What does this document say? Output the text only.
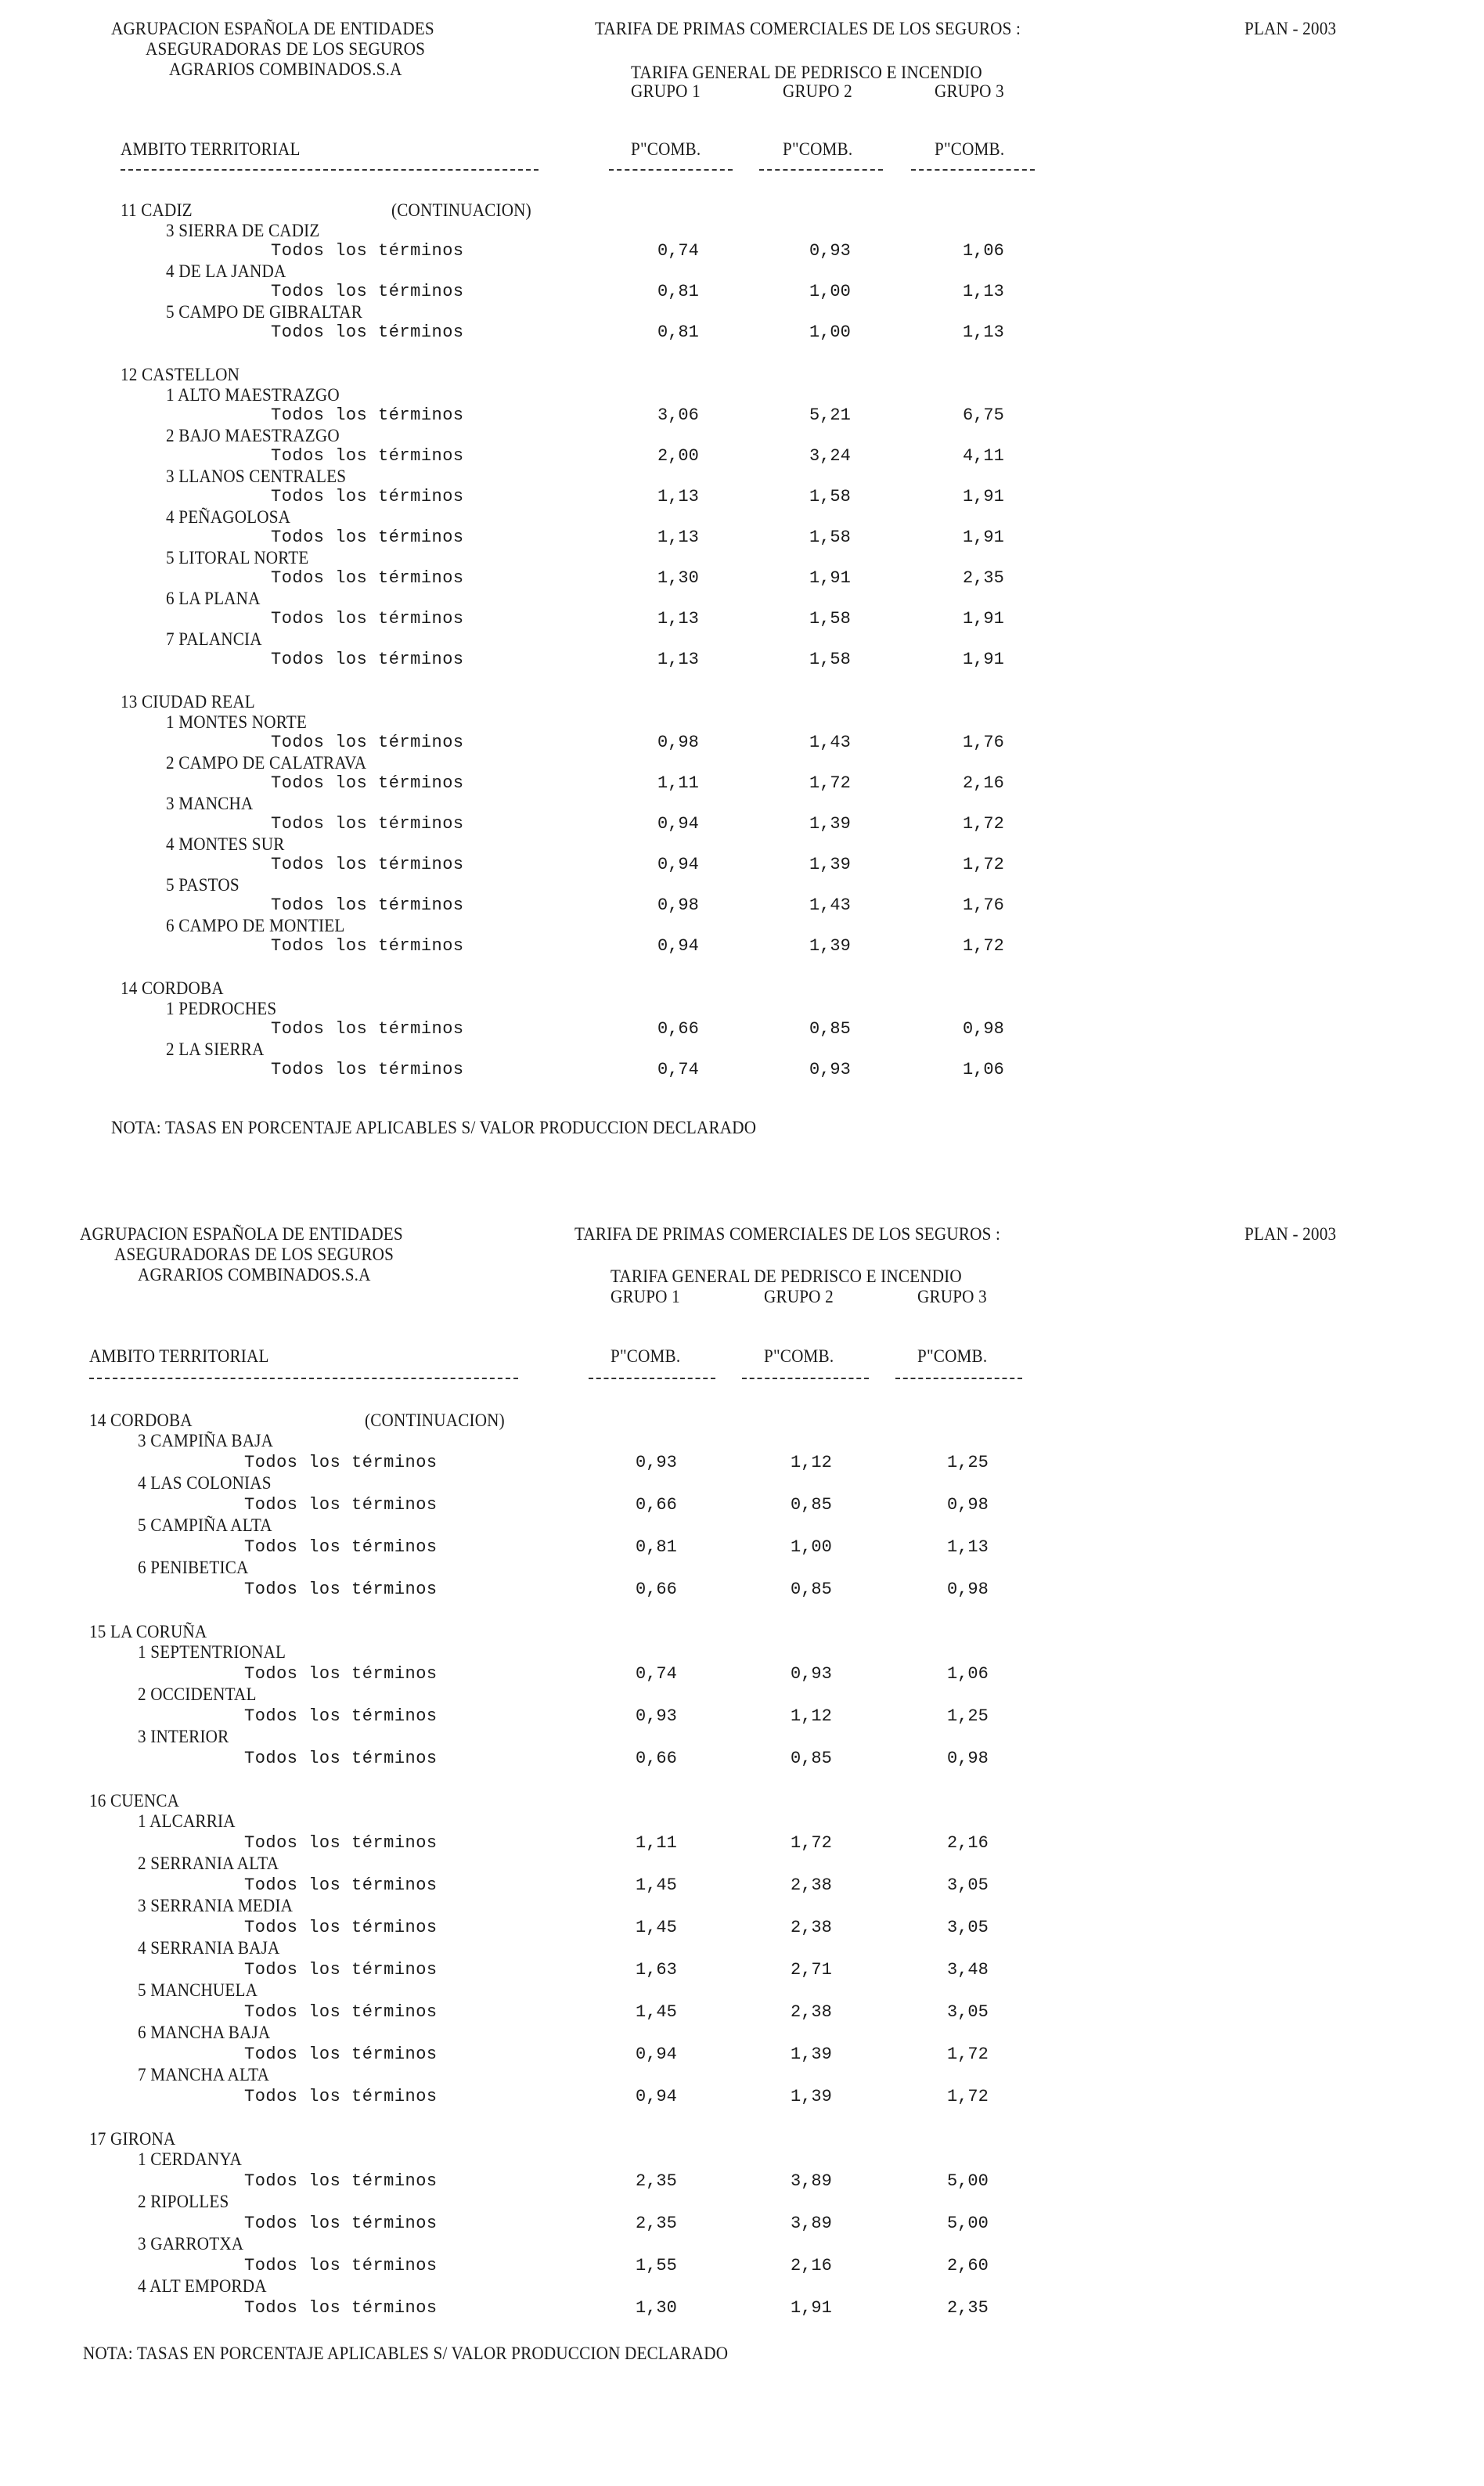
AGRUPACION ESPAÑOLA DE ENTIDADES
ASEGURADORAS DE LOS SEGUROS
AGRARIOS COMBINADOS.S.A
TARIFA DE PRIMAS COMERCIALES DE LOS SEGUROS :	PLAN - 2003
TARIFA GENERAL DE PEDRISCO E INCENDIO
GRUPO 1	GRUPO 2	GRUPO 3
AMBITO TERRITORIAL	P"COMB.	P"COMB.	P"COMB.
11 CADIZ	(CONTINUACION)
3 SIERRA DE CADIZ
Todos los términos	0,74	0,93	1,06
4 DE LA JANDA
Todos los términos	0,81	1,00	1,13
5 CAMPO DE GIBRALTAR
Todos los términos	0,81	1,00	1,13
12 CASTELLON
1 ALTO MAESTRAZGO
Todos los términos	3,06	5,21	6,75
2 BAJO MAESTRAZGO
Todos los términos	2,00	3,24	4,11
3 LLANOS CENTRALES
Todos los términos	1,13	1,58	1,91
4 PEÑAGOLOSA
Todos los términos	1,13	1,58	1,91
5 LITORAL NORTE
Todos los términos	1,30	1,91	2,35
6 LA PLANA
Todos los términos	1,13	1,58	1,91
7 PALANCIA
Todos los términos	1,13	1,58	1,91
13 CIUDAD REAL
1 MONTES NORTE
Todos los términos	0,98	1,43	1,76
2 CAMPO DE CALATRAVA
Todos los términos	1,11	1,72	2,16
3 MANCHA
Todos los términos	0,94	1,39	1,72
4 MONTES SUR
Todos los términos	0,94	1,39	1,72
5 PASTOS
Todos los términos	0,98	1,43	1,76
6 CAMPO DE MONTIEL
Todos los términos	0,94	1,39	1,72
14 CORDOBA
1 PEDROCHES
Todos los términos	0,66	0,85	0,98
2 LA SIERRA
Todos los términos	0,74	0,93	1,06
NOTA: TASAS EN PORCENTAJE APLICABLES S/ VALOR PRODUCCION DECLARADO
AGRUPACION ESPAÑOLA DE ENTIDADES
ASEGURADORAS DE LOS SEGUROS
AGRARIOS COMBINADOS.S.A
TARIFA DE PRIMAS COMERCIALES DE LOS SEGUROS :	PLAN - 2003
TARIFA GENERAL DE PEDRISCO E INCENDIO
GRUPO 1	GRUPO 2	GRUPO 3
AMBITO TERRITORIAL	P"COMB.	P"COMB.	P"COMB.
14 CORDOBA	(CONTINUACION)
3 CAMPIÑA BAJA
Todos los términos	0,93	1,12	1,25
4 LAS COLONIAS
Todos los términos	0,66	0,85	0,98
5 CAMPIÑA ALTA
Todos los términos	0,81	1,00	1,13
6 PENIBETICA
Todos los términos	0,66	0,85	0,98
15 LA CORUÑA
1 SEPTENTRIONAL
Todos los términos	0,74	0,93	1,06
2 OCCIDENTAL
Todos los términos	0,93	1,12	1,25
3 INTERIOR
Todos los términos	0,66	0,85	0,98
16 CUENCA
1 ALCARRIA
Todos los términos	1,11	1,72	2,16
2 SERRANIA ALTA
Todos los términos	1,45	2,38	3,05
3 SERRANIA MEDIA
Todos los términos	1,45	2,38	3,05
4 SERRANIA BAJA
Todos los términos	1,63	2,71	3,48
5 MANCHUELA
Todos los términos	1,45	2,38	3,05
6 MANCHA BAJA
Todos los términos	0,94	1,39	1,72
7 MANCHA ALTA
Todos los términos	0,94	1,39	1,72
17 GIRONA
1 CERDANYA
Todos los términos	2,35	3,89	5,00
2 RIPOLLES
Todos los términos	2,35	3,89	5,00
3 GARROTXA
Todos los términos	1,55	2,16	2,60
4 ALT EMPORDA
Todos los términos	1,30	1,91	2,35
NOTA: TASAS EN PORCENTAJE APLICABLES S/ VALOR PRODUCCION DECLARADO
